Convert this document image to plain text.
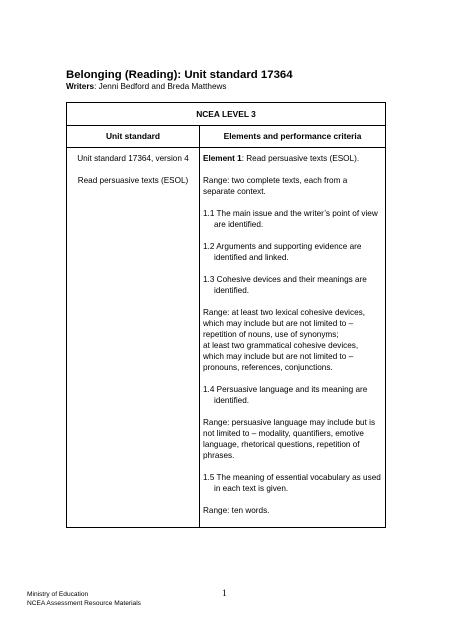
Belonging (Reading): Unit standard 17364
Writers: Jenni Bedford and Breda Matthews
NCEA LEVEL 3
Unit standard	Elements and performance criteria

Unit standard 17364, version 4

Read persuasive texts (ESOL)

Element 1: Read persuasive texts (ESOL).

Range: two complete texts, each from a separate context.

1.1 The main issue and the writer’s point of view are identified.

1.2 Arguments and supporting evidence are identified and linked.

1.3 Cohesive devices and their meanings are identified.

Range: at least two lexical cohesive devices, which may include but are not limited to – repetition of nouns, use of synonyms;
at least two grammatical cohesive devices, which may include but are not limited to – pronouns, references, conjunctions.

1.4 Persuasive language and its meaning are identified.

Range: persuasive language may include but is not limited to – modality, quantifiers, emotive language, rhetorical questions, repetition of phrases.

1.5 The meaning of essential vocabulary as used in each text is given.

Range: ten words.

Ministry of Education
NCEA Assessment Resource Materials
1
